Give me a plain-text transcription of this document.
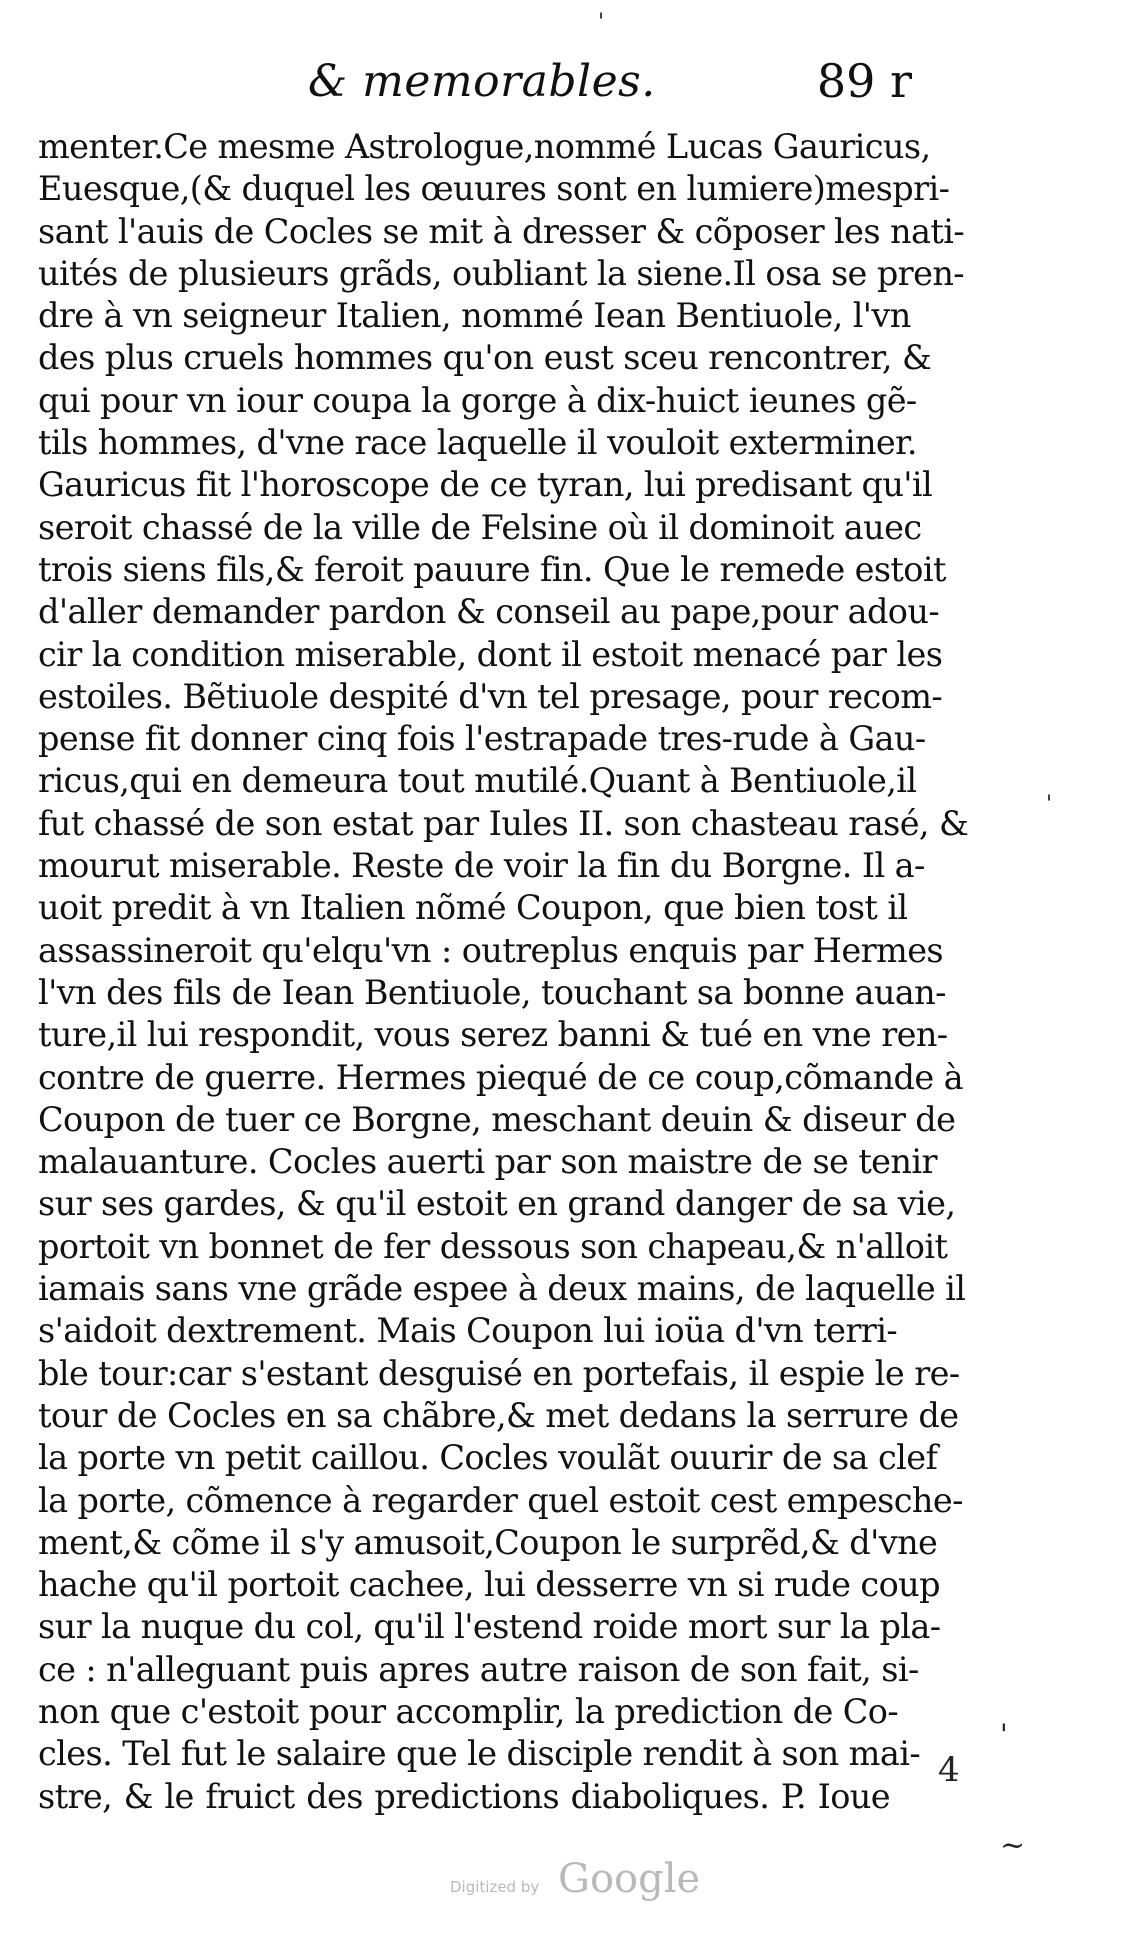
& memorables.	89 r
menter.Ce mesme Astrologue,nommé Lucas Gauricus,
Euesque,(& duquel les œuures sont en lumiere)mespri-
sant l'auis de Cocles se mit à dresser & cõposer les nati-
uités de plusieurs grãds, oubliant la siene.Il osa se pren-
dre à vn seigneur Italien, nommé Iean Bentiuole, l'vn
des plus cruels hommes qu'on eust sceu rencontrer, &
qui pour vn iour coupa la gorge à dix-huict ieunes gẽ-
tils hommes, d'vne race laquelle il vouloit exterminer.
Gauricus fit l'horoscope de ce tyran, lui predisant qu'il
seroit chassé de la ville de Felsine où il dominoit auec
trois siens fils,& feroit pauure fin. Que le remede estoit
d'aller demander pardon & conseil au pape,pour adou-
cir la condition miserable, dont il estoit menacé par les
estoiles. Bẽtiuole despité d'vn tel presage, pour recom-
pense fit donner cinq fois l'estrapade tres-rude à Gau-
ricus,qui en demeura tout mutilé.Quant à Bentiuole,il
fut chassé de son estat par Iules II. son chasteau rasé, &
mourut miserable. Reste de voir la fin du Borgne. Il a-
uoit predit à vn Italien nõmé Coupon, que bien tost il
assassineroit qu'elqu'vn : outreplus enquis par Hermes
l'vn des fils de Iean Bentiuole, touchant sa bonne auan-
ture,il lui respondit, vous serez banni & tué en vne ren-
contre de guerre. Hermes piequé de ce coup,cõmande à
Coupon de tuer ce Borgne, meschant deuin & diseur de
malauanture. Cocles auerti par son maistre de se tenir
sur ses gardes, & qu'il estoit en grand danger de sa vie,
portoit vn bonnet de fer dessous son chapeau,& n'alloit
iamais sans vne grãde espee à deux mains, de laquelle il
s'aidoit dextrement. Mais Coupon lui ioüa d'vn terri-
ble tour:car s'estant desguisé en portefais, il espie le re-
tour de Cocles en sa chãbre,& met dedans la serrure de
la porte vn petit caillou. Cocles voulãt ouurir de sa clef
la porte, cõmence à regarder quel estoit cest empesche-
ment,& cõme il s'y amusoit,Coupon le surprẽd,& d'vne
hache qu'il portoit cachee, lui desserre vn si rude coup
sur la nuque du col, qu'il l'estend roide mort sur la pla-
ce : n'alleguant puis apres autre raison de son fait, si-
non que c'estoit pour accomplir, la prediction de Co-
cles. Tel fut le salaire que le disciple rendit à son mai-
stre, & le fruict des predictions diaboliques. P. Ioue
'
'
'
4
~
Digitized by Google
